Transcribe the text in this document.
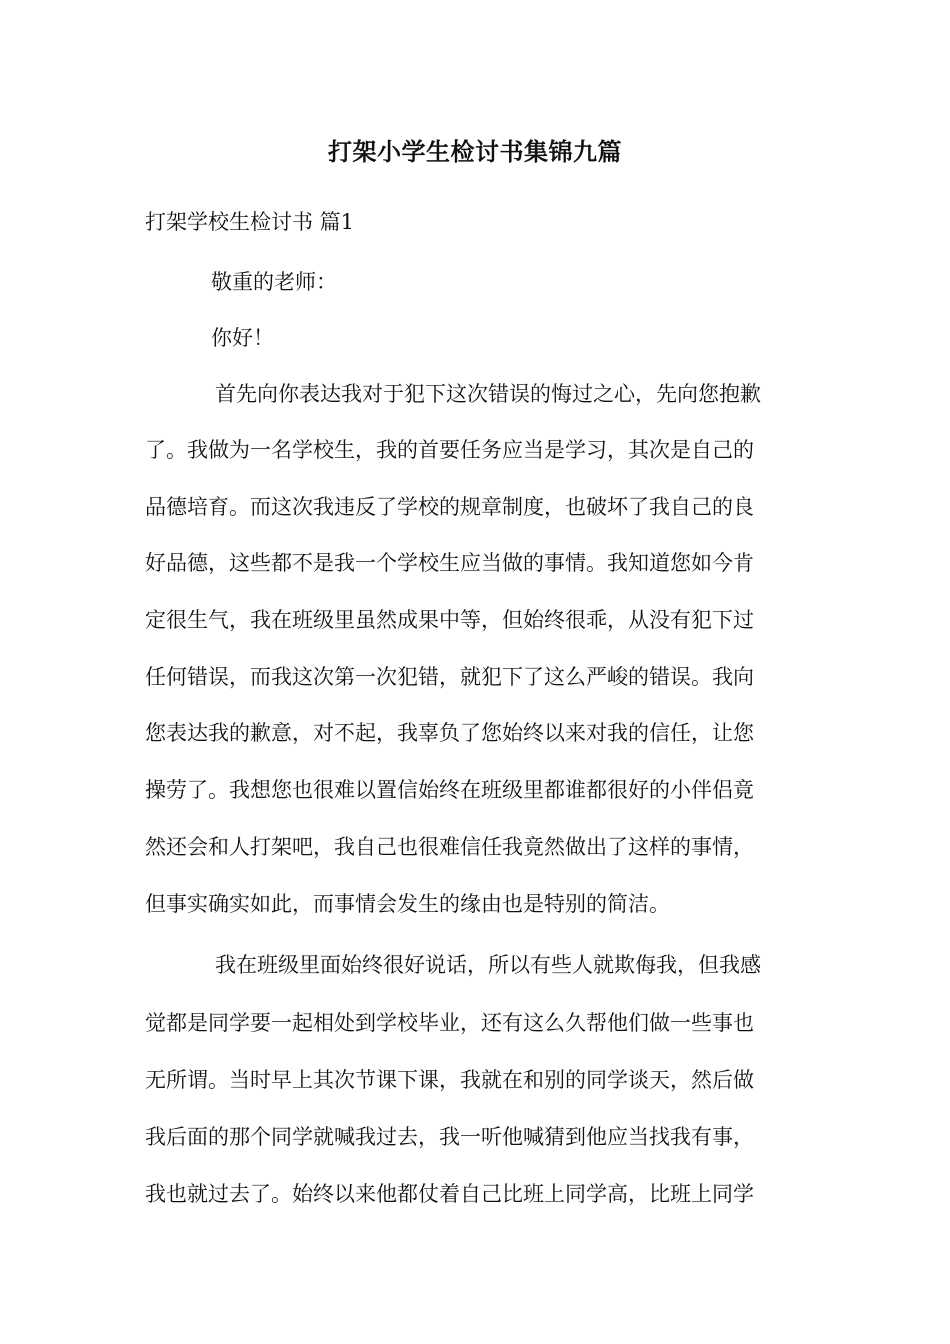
打架小学生检讨书集锦九篇

打架学校生检讨书 篇1

敬重的老师：

你好！

首先向你表达我对于犯下这次错误的悔过之心，先向您抱歉

了。我做为一名学校生，我的首要任务应当是学习，其次是自己的

品德培育。而这次我违反了学校的规章制度，也破坏了我自己的良

好品德，这些都不是我一个学校生应当做的事情。我知道您如今肯

定很生气，我在班级里虽然成果中等，但始终很乖，从没有犯下过

任何错误，而我这次第一次犯错，就犯下了这么严峻的错误。我向

您表达我的歉意，对不起，我辜负了您始终以来对我的信任，让您

操劳了。我想您也很难以置信始终在班级里都谁都很好的小伴侣竟

然还会和人打架吧，我自己也很难信任我竟然做出了这样的事情，

但事实确实如此，而事情会发生的缘由也是特别的简洁。

我在班级里面始终很好说话，所以有些人就欺侮我，但我感

觉都是同学要一起相处到学校毕业，还有这么久帮他们做一些事也

无所谓。当时早上其次节课下课，我就在和别的同学谈天，然后做

我后面的那个同学就喊我过去，我一听他喊猜到他应当找我有事，

我也就过去了。始终以来他都仗着自己比班上同学高，比班上同学
